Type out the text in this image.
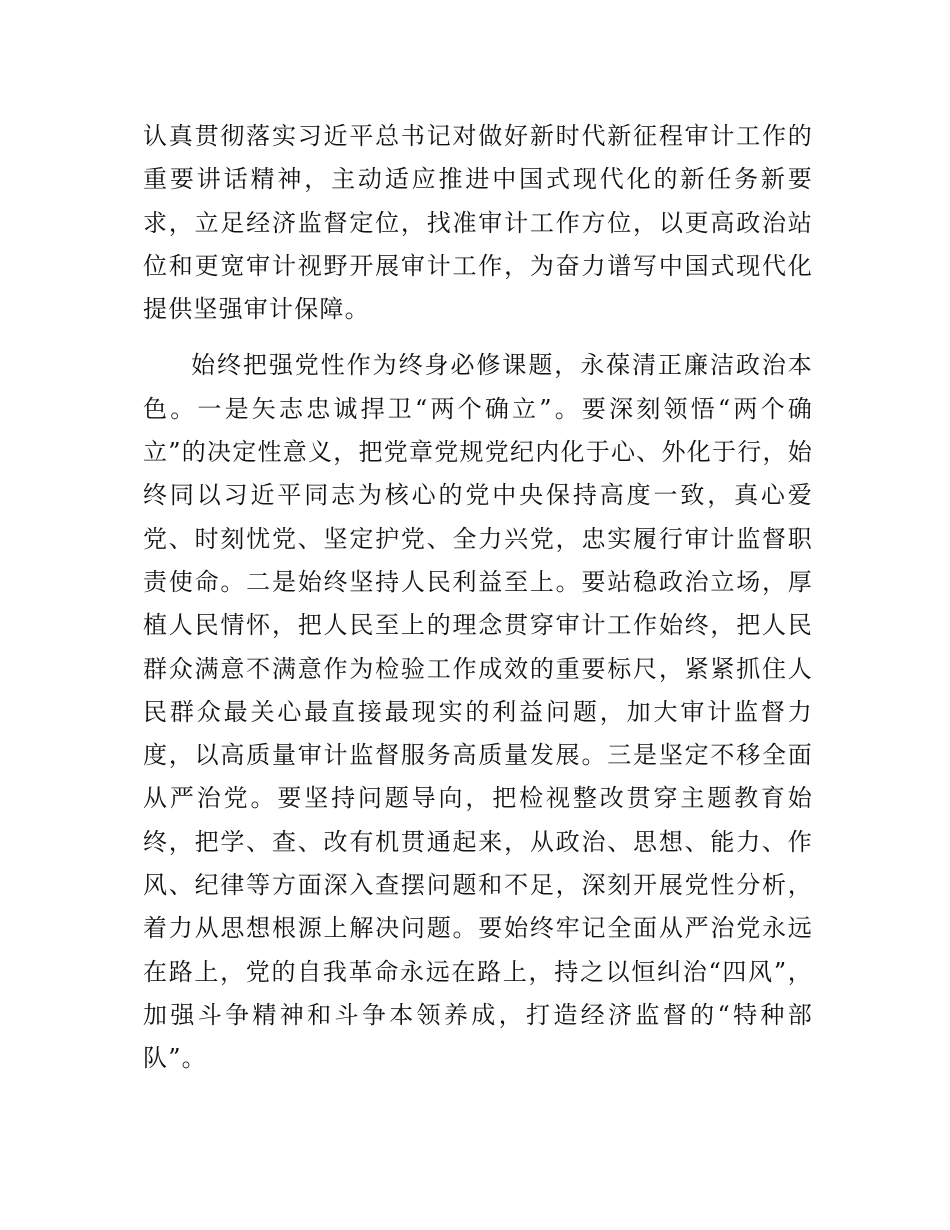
认真贯彻落实习近平总书记对做好新时代新征程审计工作的重要讲话精神，主动适应推进中国式现代化的新任务新要求，立足经济监督定位，找准审计工作方位，以更高政治站位和更宽审计视野开展审计工作，为奋力谱写中国式现代化提供坚强审计保障。

始终把强党性作为终身必修课题，永葆清正廉洁政治本色。一是矢志忠诚捍卫“两个确立”。要深刻领悟“两个确立”的决定性意义，把党章党规党纪内化于心、外化于行，始终同以习近平同志为核心的党中央保持高度一致，真心爱党、时刻忧党、坚定护党、全力兴党，忠实履行审计监督职责使命。二是始终坚持人民利益至上。要站稳政治立场，厚植人民情怀，把人民至上的理念贯穿审计工作始终，把人民群众满意不满意作为检验工作成效的重要标尺，紧紧抓住人民群众最关心最直接最现实的利益问题，加大审计监督力度，以高质量审计监督服务高质量发展。三是坚定不移全面从严治党。要坚持问题导向，把检视整改贯穿主题教育始终，把学、查、改有机贯通起来，从政治、思想、能力、作风、纪律等方面深入查摆问题和不足，深刻开展党性分析，着力从思想根源上解决问题。要始终牢记全面从严治党永远在路上，党的自我革命永远在路上，持之以恒纠治“四风”，加强斗争精神和斗争本领养成，打造经济监督的“特种部队”。
